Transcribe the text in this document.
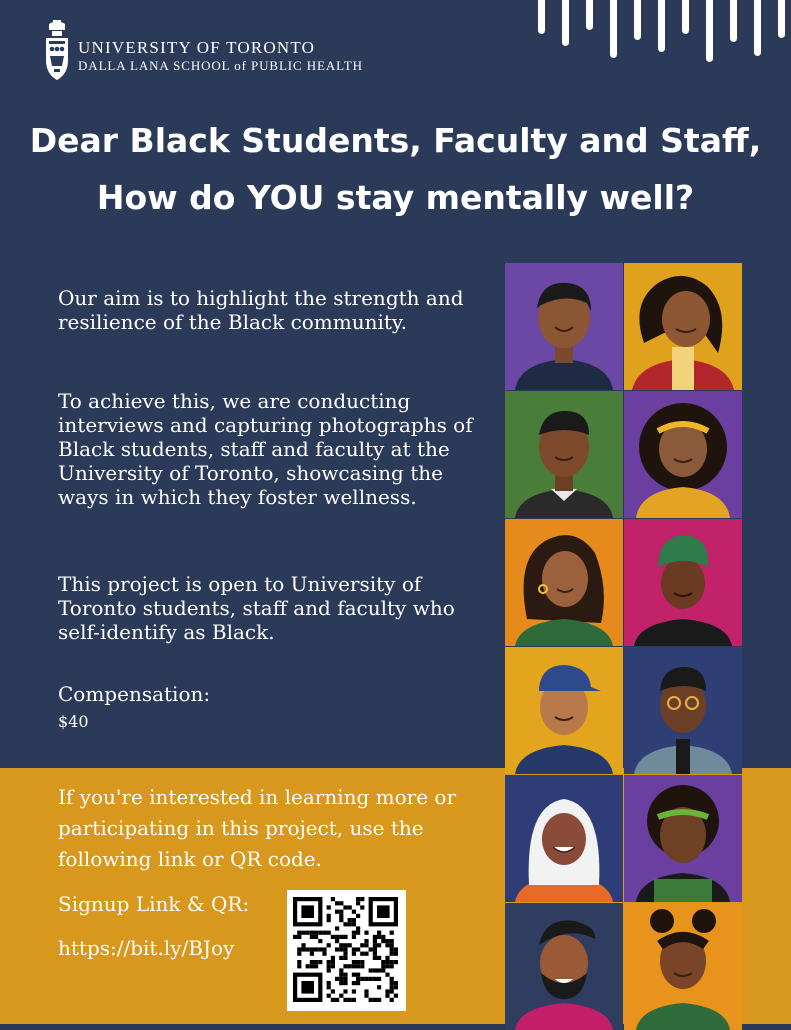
UNIVERSITY OF TORONTO
DALLA LANA SCHOOL of PUBLIC HEALTH
Dear Black Students, Faculty and Staff,
How do YOU stay mentally well?
Our aim is to highlight the strength and resilience of the Black community.
To achieve this, we are conducting interviews and capturing photographs of Black students, staff and faculty at the University of Toronto, showcasing the ways in which they foster wellness.
This project is open to University of Toronto students, staff and faculty who self-identify as Black.
Compensation:
$40
If you're interested in learning more or participating in this project, use the following link or QR code.
Signup Link & QR:
https://bit.ly/BJoy
